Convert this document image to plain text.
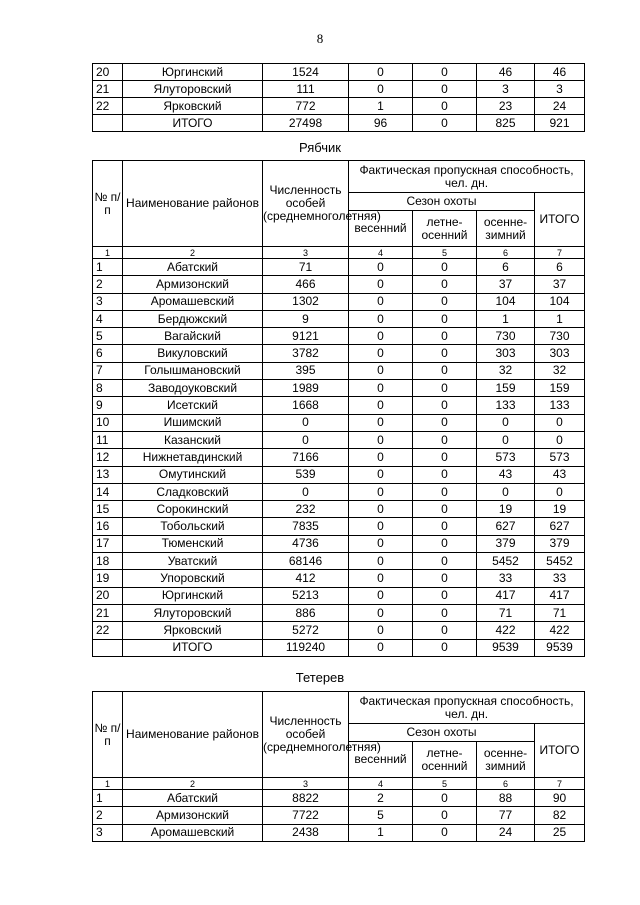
8
20	Юргинский	1524	0	0	46	46
21	Ялуторовский	111	0	0	3	3
22	Ярковский	772	1	0	23	24
	ИТОГО	27498	96	0	825	921
Рябчик
№ п/п	Наименование районов	Численность особей (среднемноголетняя)	Фактическая пропускная способность, чел. дн.			
			Сезон охоты			ИТОГО
			весенний	летне-осенний	осенне-зимний	
1	2	3	4	5	6	7
1	Абатский	71	0	0	6	6
2	Армизонский	466	0	0	37	37
3	Аромашевский	1302	0	0	104	104
4	Бердюжский	9	0	0	1	1
5	Вагайский	9121	0	0	730	730
6	Викуловский	3782	0	0	303	303
7	Голышмановский	395	0	0	32	32
8	Заводоуковский	1989	0	0	159	159
9	Исетский	1668	0	0	133	133
10	Ишимский	0	0	0	0	0
11	Казанский	0	0	0	0	0
12	Нижнетавдинский	7166	0	0	573	573
13	Омутинский	539	0	0	43	43
14	Сладковский	0	0	0	0	0
15	Сорокинский	232	0	0	19	19
16	Тобольский	7835	0	0	627	627
17	Тюменский	4736	0	0	379	379
18	Уватский	68146	0	0	5452	5452
19	Упоровский	412	0	0	33	33
20	Юргинский	5213	0	0	417	417
21	Ялуторовский	886	0	0	71	71
22	Ярковский	5272	0	0	422	422
	ИТОГО	119240	0	0	9539	9539
Тетерев
№ п/п	Наименование районов	Численность особей (среднемноголетняя)	Фактическая пропускная способность, чел. дн.			
			Сезон охоты			ИТОГО
			весенний	летне-осенний	осенне-зимний	
1	2	3	4	5	6	7
1	Абатский	8822	2	0	88	90
2	Армизонский	7722	5	0	77	82
3	Аромашевский	2438	1	0	24	25
